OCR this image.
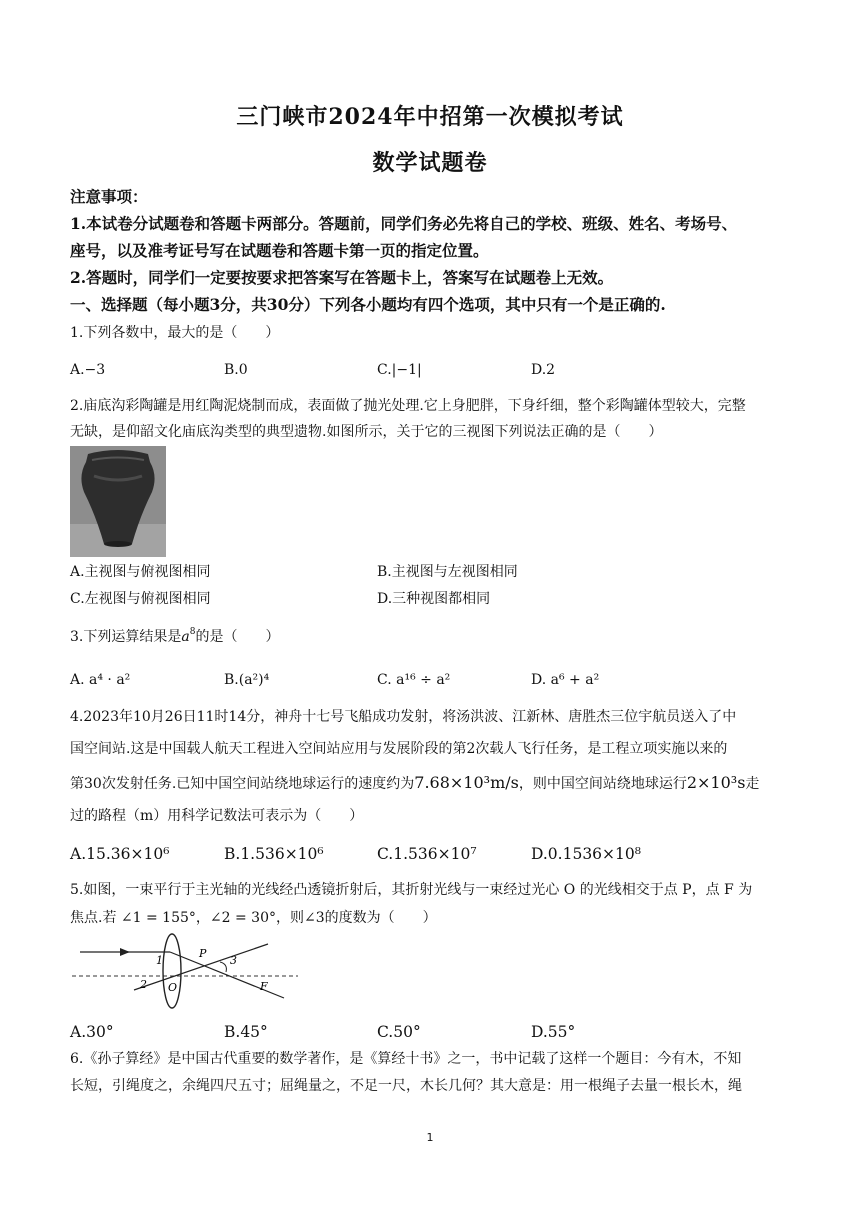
三门峡市2024年中招第一次模拟考试
数学试题卷
注意事项：
1.本试卷分试题卷和答题卡两部分。答题前，同学们务必先将自己的学校、班级、姓名、考场号、
座号，以及准考证号写在试题卷和答题卡第一页的指定位置。
2.答题时，同学们一定要按要求把答案写在答题卡上，答案写在试题卷上无效。
一、选择题（每小题3分，共30分）下列各小题均有四个选项，其中只有一个是正确的.
1.下列各数中，最大的是（　　）
A.−3	B.0	C.|−1|	D.2
2.庙底沟彩陶罐是用红陶泥烧制而成，表面做了抛光处理.它上身肥胖，下身纤细，整个彩陶罐体型较大，完整
无缺，是仰韶文化庙底沟类型的典型遗物.如图所示，关于它的三视图下列说法正确的是（　　）
A.主视图与俯视图相同	B.主视图与左视图相同
C.左视图与俯视图相同	D.三种视图都相同
3.下列运算结果是$a^8$的是（　　）
A. a⁴ · a²	B.(a²)⁴	C. a¹⁶ ÷ a²	D. a⁶ + a²
4.2023年10月26日11时14分，神舟十七号飞船成功发射，将汤洪波、江新林、唐胜杰三位宇航员送入了中
国空间站.这是中国载人航天工程进入空间站应用与发展阶段的第2次载人飞行任务，是工程立项实施以来的
第30次发射任务.已知中国空间站绕地球运行的速度约为7.68×10³m/s，则中国空间站绕地球运行2×10³s走
过的路程（m）用科学记数法可表示为（　　）
A.15.36×10⁶	B.1.536×10⁶	C.1.536×10⁷	D.0.1536×10⁸
5.如图，一束平行于主光轴的光线经凸透镜折射后，其折射光线与一束经过光心 O 的光线相交于点 P，点 F 为
焦点.若 ∠1 = 155°，∠2 = 30°，则∠3的度数为（　　）
1
2
3
P
O	F
A.30°	B.45°	C.50°	D.55°
6.《孙子算经》是中国古代重要的数学著作，是《算经十书》之一，书中记载了这样一个题目：今有木，不知
长短，引绳度之，余绳四尺五寸；屈绳量之，不足一尺，木长几何？其大意是：用一根绳子去量一根长木，绳
1
